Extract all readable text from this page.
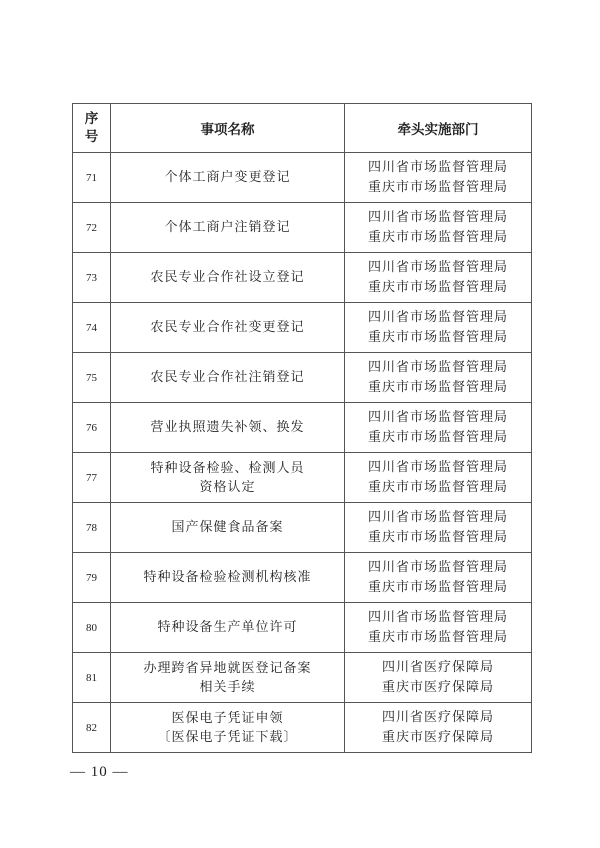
序
号	事项名称	牵头实施部门
71	个体工商户变更登记	四川省市场监督管理局
重庆市市场监督管理局

72	个体工商户注销登记	四川省市场监督管理局
重庆市市场监督管理局

73	农民专业合作社设立登记	四川省市场监督管理局
重庆市市场监督管理局

74	农民专业合作社变更登记	四川省市场监督管理局
重庆市市场监督管理局

75	农民专业合作社注销登记	四川省市场监督管理局
重庆市市场监督管理局

76	营业执照遗失补领、换发	四川省市场监督管理局
重庆市市场监督管理局

77	特种设备检验、检测人员
资格认定	四川省市场监督管理局
重庆市市场监督管理局

78	国产保健食品备案	四川省市场监督管理局
重庆市市场监督管理局

79	特种设备检验检测机构核准	四川省市场监督管理局
重庆市市场监督管理局

80	特种设备生产单位许可	四川省市场监督管理局
重庆市市场监督管理局

81	办理跨省异地就医登记备案
相关手续	四川省医疗保障局
重庆市医疗保障局

82	医保电子凭证申领
〔医保电子凭证下载〕	四川省医疗保障局
重庆市医疗保障局
— 10 —
